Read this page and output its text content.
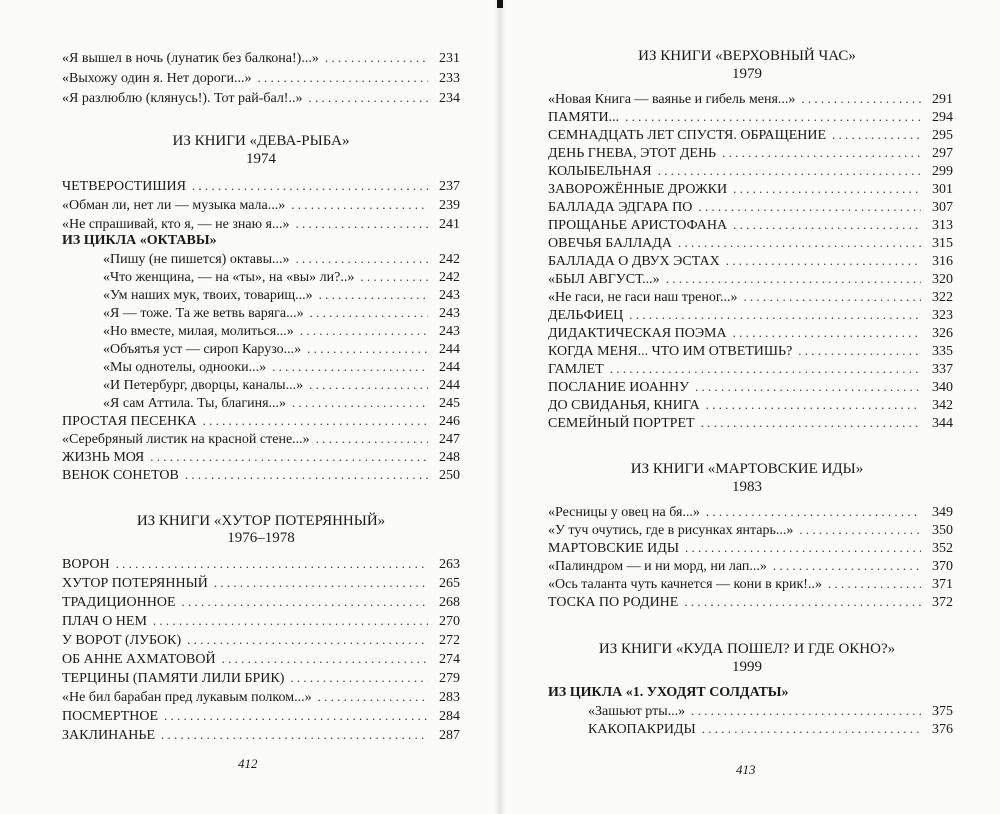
«Я вышел в ночь (лунатик без балкона!)...» . . .	231
«Выхожу один я. Нет дороги...» . . .	233
«Я разлюблю (клянусь!). Тот рай-бал!..» . . .	234
ИЗ КНИГИ «ДЕВА-РЫБА»
1974
ЧЕТВЕРОСТИШИЯ . . .	237
«Обман ли, нет ли — музыка мала...» . . .	239
«Не спрашивай, кто я, — не знаю я...» . . .	241
ИЗ ЦИКЛА «ОКТАВЫ»
«Пишу (не пишется) октавы...» . . .	242
«Что женщина, — на «ты», на «вы» ли?..» . . .	242
«Ум наших мук, твоих, товарищ...» . . .	243
«Я — тоже. Та же ветвь варяга...» . . .	243
«Но вместе, милая, молиться...» . . .	243
«Объятья уст — сироп Карузо...» . . .	244
«Мы однотелы, однооки...» . . .	244
«И Петербург, дворцы, каналы...» . . .	244
«Я сам Аттила. Ты, благиня...» . . .	245
ПРОСТАЯ ПЕСЕНКА . . .	246
«Серебряный листик на красной стене...» . . .	247
ЖИЗНЬ МОЯ . . .	248
ВЕНОК СОНЕТОВ . . .	250
ИЗ КНИГИ «ХУТОР ПОТЕРЯННЫЙ»
1976–1978
ВОРОН . . .	263
ХУТОР ПОТЕРЯННЫЙ . . .	265
ТРАДИЦИОННОЕ . . .	268
ПЛАЧ О НЕМ . . .	270
У ВОРОТ (ЛУБОК) . . .	272
ОБ АННЕ АХМАТОВОЙ . . .	274
ТЕРЦИНЫ (ПАМЯТИ ЛИЛИ БРИК) . . .	279
«Не бил барабан пред лукавым полком...» . . .	283
ПОСМЕРТНОЕ . . .	284
ЗАКЛИНАНЬЕ . . .	287
412
ИЗ КНИГИ «ВЕРХОВНЫЙ ЧАС»
1979
«Новая Книга — ваянье и гибель меня...» . . .	291
ПАМЯТИ... . . .	294
СЕМНАДЦАТЬ ЛЕТ СПУСТЯ. ОБРАЩЕНИЕ . . .	295
ДЕНЬ ГНЕВА, ЭТОТ ДЕНЬ . . .	297
КОЛЫБЕЛЬНАЯ . . .	299
ЗАВОРОЖЁННЫЕ ДРОЖКИ . . .	301
БАЛЛАДА ЭДГАРА ПО . . .	307
ПРОЩАНЬЕ АРИСТОФАНА . . .	313
ОВЕЧЬЯ БАЛЛАДА . . .	315
БАЛЛАДА О ДВУХ ЭСТАХ . . .	316
«БЫЛ АВГУСТ...» . . .	320
«Не гаси, не гаси наш треног...» . . .	322
ДЕЛЬФИЕЦ . . .	323
ДИДАКТИЧЕСКАЯ ПОЭМА . . .	326
КОГДА МЕНЯ... ЧТО ИМ ОТВЕТИШЬ? . . .	335
ГАМЛЕТ . . .	337
ПОСЛАНИЕ ИОАННУ . . .	340
ДО СВИДАНЬЯ, КНИГА . . .	342
СЕМЕЙНЫЙ ПОРТРЕТ . . .	344
ИЗ КНИГИ «МАРТОВСКИЕ ИДЫ»
1983
«Ресницы у овец на бя...» . . .	349
«У туч очутись, где в рисунках янтарь...» . . .	350
МАРТОВСКИЕ ИДЫ . . .	352
«Палиндром — и ни морд, ни лап...» . . .	370
«Ось таланта чуть качнется — кони в крик!..» . . .	371
ТОСКА ПО РОДИНЕ . . .	372
ИЗ КНИГИ «КУДА ПОШЕЛ? И ГДЕ ОКНО?»
1999
ИЗ ЦИКЛА «1. УХОДЯТ СОЛДАТЫ»
«Зашьют рты...» . . .	375
КАКОПАКРИДЫ . . .	376
413
